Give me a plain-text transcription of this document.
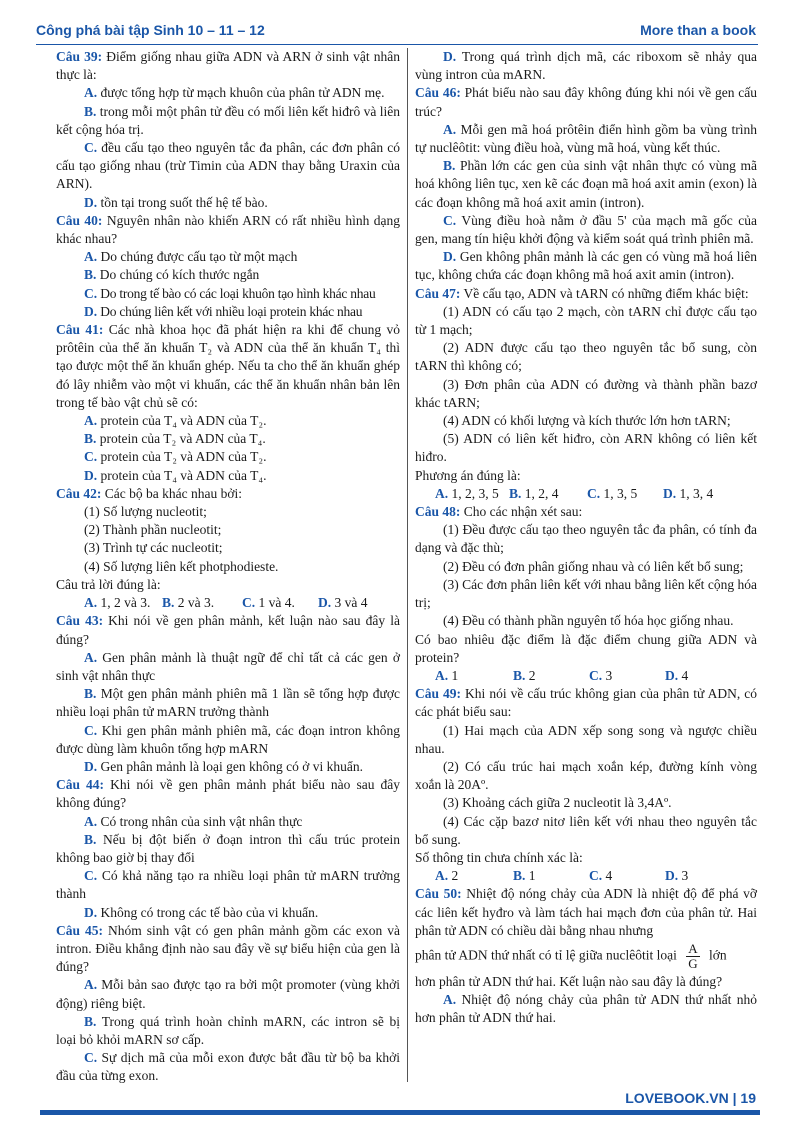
Công phá bài tập Sinh 10 – 11 – 12	More than a book
Câu 39: Điểm giống nhau giữa ADN và ARN ở sinh vật nhân thực là:
A. được tổng hợp từ mạch khuôn của phân tử ADN mẹ.
B. trong mỗi một phân tử đều có mối liên kết hiđrô và liên kết cộng hóa trị.
C. đều cấu tạo theo nguyên tắc đa phân, các đơn phân có cấu tạo giống nhau (trừ Timin của ADN thay bằng Uraxin của ARN).
D. tồn tại trong suốt thế hệ tế bào.
Câu 40: Nguyên nhân nào khiến ARN có rất nhiều hình dạng khác nhau?
A. Do chúng được cấu tạo từ một mạch
B. Do chúng có kích thước ngắn
C. Do trong tế bào có các loại khuôn tạo hình khác nhau
D. Do chúng liên kết với nhiều loại protein khác nhau
Câu 41: Các nhà khoa học đã phát hiện ra khi để chung vỏ prôtêin của thể ăn khuẩn T₂ và ADN của thể ăn khuẩn T₄ thì tạo được một thể ăn khuẩn ghép. Nếu ta cho thể ăn khuẩn ghép đó lây nhiễm vào một vi khuẩn, các thể ăn khuẩn nhân bản lên trong tế bào vật chủ sẽ có:
A. protein của T₄ và ADN của T₂.
B. protein của T₂ và ADN của T₄.
C. protein của T₂ và ADN của T₂.
D. protein của T₄ và ADN của T₄.
Câu 42: Các bộ ba khác nhau bởi:
(1) Số lượng nucleotit;
(2) Thành phần nucleotit;
(3) Trình tự các nucleotit;
(4) Số lượng liên kết photphodieste.
Câu trả lời đúng là:
A. 1, 2 và 3. B. 2 và 3.	C. 1 và 4.	D. 3 và 4
Câu 43: Khi nói về gen phân mảnh, kết luận nào sau đây là đúng?
A. Gen phân mảnh là thuật ngữ để chỉ tất cả các gen ở sinh vật nhân thực
B. Một gen phân mảnh phiên mã 1 lần sẽ tổng hợp được nhiều loại phân tử mARN trưởng thành
C. Khi gen phân mảnh phiên mã, các đoạn intron không được dùng làm khuôn tổng hợp mARN
D. Gen phân mảnh là loại gen không có ở vi khuẩn.
Câu 44: Khi nói về gen phân mảnh phát biểu nào sau đây không đúng?
A. Có trong nhân của sinh vật nhân thực
B. Nếu bị đột biến ở đoạn intron thì cấu trúc protein không bao giờ bị thay đổi
C. Có khả năng tạo ra nhiều loại phân tử mARN trưởng thành
D. Không có trong các tế bào của vi khuẩn.
Câu 45: Nhóm sinh vật có gen phân mảnh gồm các exon và intron. Điều khẳng định nào sau đây về sự biểu hiện của gen là đúng?
A. Mỗi bản sao được tạo ra bởi một promoter (vùng khởi động) riêng biệt.
B. Trong quá trình hoàn chỉnh mARN, các intron sẽ bị loại bỏ khỏi mARN sơ cấp.
C. Sự dịch mã của mỗi exon được bắt đầu từ bộ ba khởi đầu của từng exon.
D. Trong quá trình dịch mã, các riboxom sẽ nhảy qua vùng intron của mARN.
Câu 46: Phát biểu nào sau đây không đúng khi nói về gen cấu trúc?
A. Mỗi gen mã hoá prôtêin điển hình gồm ba vùng trình tự nuclêôtit: vùng điều hoà, vùng mã hoá, vùng kết thúc.
B. Phần lớn các gen của sinh vật nhân thực có vùng mã hoá không liên tục, xen kẽ các đoạn mã hoá axit amin (exon) là các đoạn không mã hoá axit amin (intron).
C. Vùng điều hoà nằm ở đầu 5' của mạch mã gốc của gen, mang tín hiệu khởi động và kiểm soát quá trình phiên mã.
D. Gen không phân mảnh là các gen có vùng mã hoá liên tục, không chứa các đoạn không mã hoá axit amin (intron).
Câu 47: Về cấu tạo, ADN và tARN có những điểm khác biệt:
(1) ADN có cấu tạo 2 mạch, còn tARN chỉ được cấu tạo từ 1 mạch;
(2) ADN được cấu tạo theo nguyên tắc bổ sung, còn tARN thì không có;
(3) Đơn phân của ADN có đường và thành phần bazơ khác tARN;
(4) ADN có khối lượng và kích thước lớn hơn tARN;
(5) ADN có liên kết hiđro, còn ARN không có liên kết hiđro.
Phương án đúng là:
A. 1, 2, 3, 5 B. 1, 2, 4	C. 1, 3, 5	D. 1, 3, 4
Câu 48: Cho các nhận xét sau:
(1) Đều được cấu tạo theo nguyên tắc đa phân, có tính đa dạng và đặc thù;
(2) Đều có đơn phân giống nhau và có liên kết bổ sung;
(3) Các đơn phân liên kết với nhau bằng liên kết cộng hóa trị;
(4) Đều có thành phần nguyên tố hóa học giống nhau.
Có bao nhiêu đặc điểm là đặc điểm chung giữa ADN và protein?
A. 1	B. 2	C. 3	D. 4
Câu 49: Khi nói về cấu trúc không gian của phân tử ADN, có các phát biểu sau:
(1) Hai mạch của ADN xếp song song và ngược chiều nhau.
(2) Có cấu trúc hai mạch xoắn kép, đường kính vòng xoắn là 20Aº.
(3) Khoảng cách giữa 2 nucleotit là 3,4Aº.
(4) Các cặp bazơ nitơ liên kết với nhau theo nguyên tắc bổ sung.
Số thông tin chưa chính xác là:
A. 2	B. 1	C. 4	D. 3
Câu 50: Nhiệt độ nóng chảy của ADN là nhiệt độ để phá vỡ các liên kết hyđro và làm tách hai mạch đơn của phân tử. Hai phân tử ADN có chiều dài bằng nhau nhưng
phân tử ADN thứ nhất có tỉ lệ giữa nuclêôtit loại $\frac{A}{G}$ lớn
hơn phân tử ADN thứ hai. Kết luận nào sau đây là đúng?
A. Nhiệt độ nóng chảy của phân tử ADN thứ nhất nhỏ hơn phân tử ADN thứ hai.
LOVEBOOK.VN | 19
